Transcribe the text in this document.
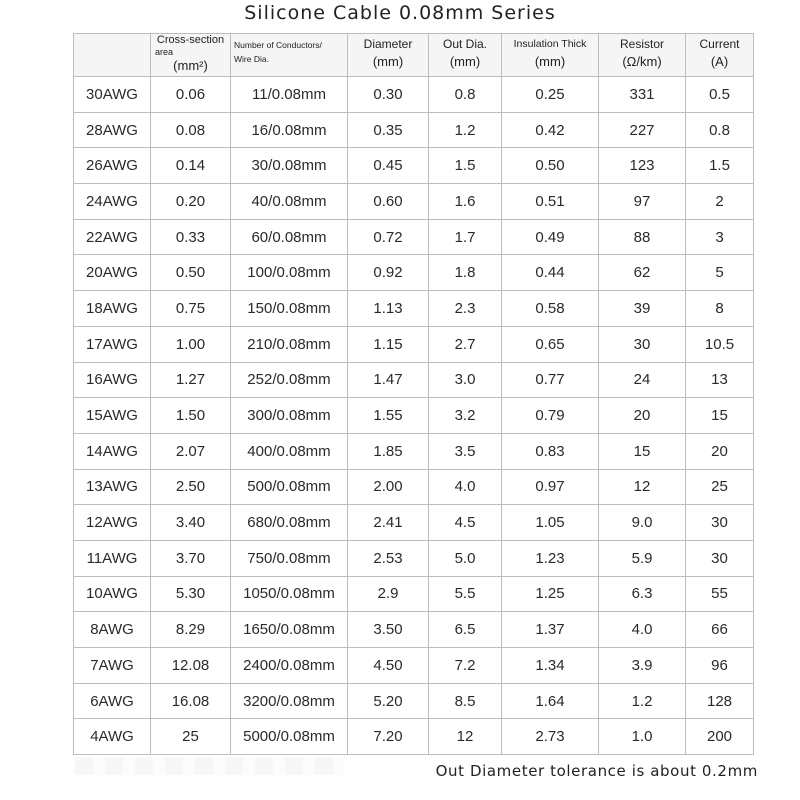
Silicone Cable 0.08mm Series

	Cross-section
area
(mm²)	Number of Conductors/
Wire Dia.	Diameter
(mm)	Out Dia.
(mm)	Insulation Thick
(mm)	Resistor
(Ω/km)	Current
(A)

30AWG	0.06	11/0.08mm	0.30	0.8	0.25	331	0.5
28AWG	0.08	16/0.08mm	0.35	1.2	0.42	227	0.8
26AWG	0.14	30/0.08mm	0.45	1.5	0.50	123	1.5
24AWG	0.20	40/0.08mm	0.60	1.6	0.51	97	2
22AWG	0.33	60/0.08mm	0.72	1.7	0.49	88	3
20AWG	0.50	100/0.08mm	0.92	1.8	0.44	62	5
18AWG	0.75	150/0.08mm	1.13	2.3	0.58	39	8
17AWG	1.00	210/0.08mm	1.15	2.7	0.65	30	10.5
16AWG	1.27	252/0.08mm	1.47	3.0	0.77	24	13
15AWG	1.50	300/0.08mm	1.55	3.2	0.79	20	15
14AWG	2.07	400/0.08mm	1.85	3.5	0.83	15	20
13AWG	2.50	500/0.08mm	2.00	4.0	0.97	12	25
12AWG	3.40	680/0.08mm	2.41	4.5	1.05	9.0	30
11AWG	3.70	750/0.08mm	2.53	5.0	1.23	5.9	30
10AWG	5.30	1050/0.08mm	2.9	5.5	1.25	6.3	55
8AWG	8.29	1650/0.08mm	3.50	6.5	1.37	4.0	66
7AWG	12.08	2400/0.08mm	4.50	7.2	1.34	3.9	96
6AWG	16.08	3200/0.08mm	5.20	8.5	1.64	1.2	128
4AWG	25	5000/0.08mm	7.20	12	2.73	1.0	200
Out Diameter tolerance is about 0.2mm
